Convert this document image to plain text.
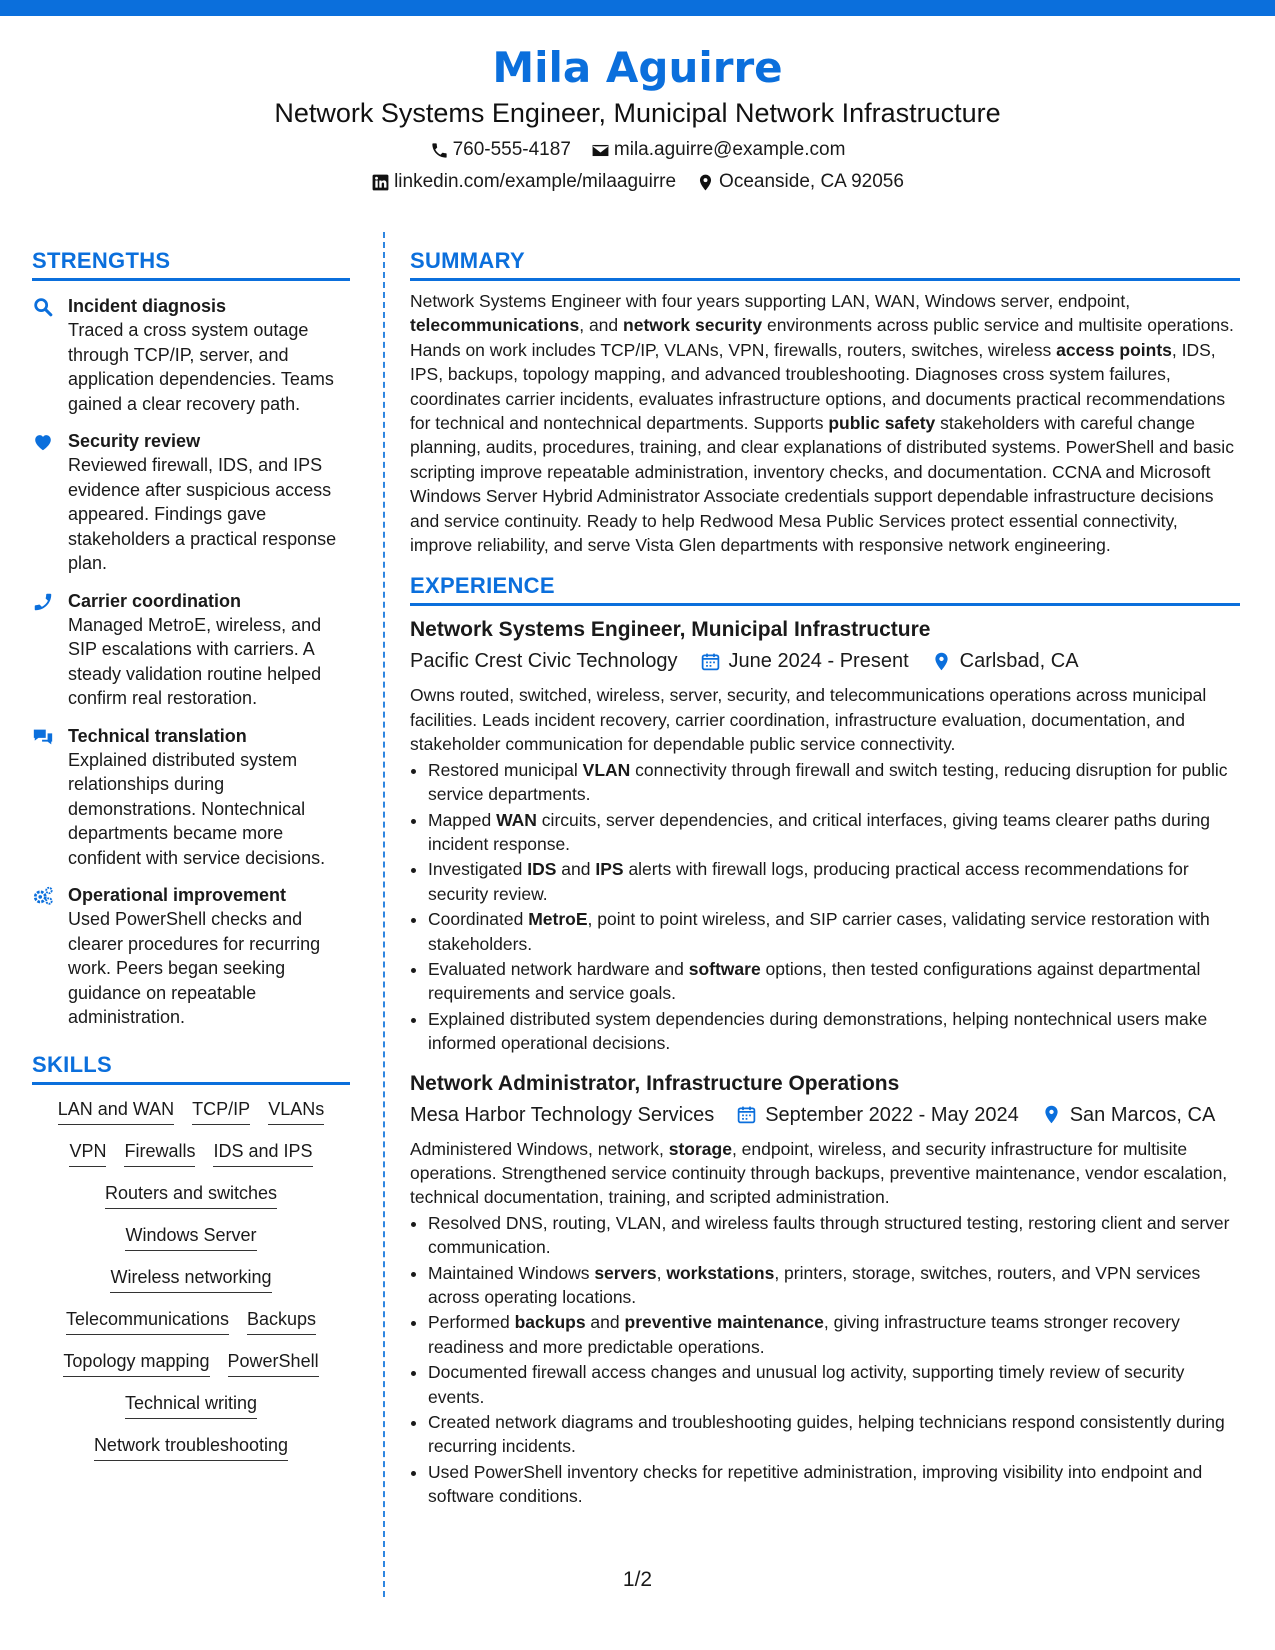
Mila Aguirre
Network Systems Engineer, Municipal Network Infrastructure
760-555-4187 mila.aguirre@example.com
linkedin.com/example/milaaguirre Oceanside, CA 92056
STRENGTHS
Incident diagnosis
Traced a cross system outage through TCP/IP, server, and application dependencies. Teams gained a clear recovery path.
Security review
Reviewed firewall, IDS, and IPS evidence after suspicious access appeared. Findings gave stakeholders a practical response plan.
Carrier coordination
Managed MetroE, wireless, and SIP escalations with carriers. A steady validation routine helped confirm real restoration.
Technical translation
Explained distributed system relationships during demonstrations. Nontechnical departments became more confident with service decisions.
Operational improvement
Used PowerShell checks and clearer procedures for recurring work. Peers began seeking guidance on repeatable administration.
SKILLS
LAN and WAN TCP/IP VLANs
VPN Firewalls IDS and IPS
Routers and switches
Windows Server
Wireless networking
Telecommunications Backups
Topology mapping PowerShell
Technical writing
Network troubleshooting
SUMMARY
Network Systems Engineer with four years supporting LAN, WAN, Windows server, endpoint, telecommunications, and network security environments across public service and multisite operations. Hands on work includes TCP/IP, VLANs, VPN, firewalls, routers, switches, wireless access points, IDS, IPS, backups, topology mapping, and advanced troubleshooting. Diagnoses cross system failures, coordinates carrier incidents, evaluates infrastructure options, and documents practical recommendations for technical and nontechnical departments. Supports public safety stakeholders with careful change planning, audits, procedures, training, and clear explanations of distributed systems. PowerShell and basic scripting improve repeatable administration, inventory checks, and documentation. CCNA and Microsoft Windows Server Hybrid Administrator Associate credentials support dependable infrastructure decisions and service continuity. Ready to help Redwood Mesa Public Services protect essential connectivity, improve reliability, and serve Vista Glen departments with responsive network engineering.
EXPERIENCE
Network Systems Engineer, Municipal Infrastructure
Pacific Crest Civic Technology	June 2024 - Present	Carlsbad, CA
Owns routed, switched, wireless, server, security, and telecommunications operations across municipal facilities. Leads incident recovery, carrier coordination, infrastructure evaluation, documentation, and stakeholder communication for dependable public service connectivity.
• Restored municipal VLAN connectivity through firewall and switch testing, reducing disruption for public service departments.
• Mapped WAN circuits, server dependencies, and critical interfaces, giving teams clearer paths during incident response.
• Investigated IDS and IPS alerts with firewall logs, producing practical access recommendations for security review.
• Coordinated MetroE, point to point wireless, and SIP carrier cases, validating service restoration with stakeholders.
• Evaluated network hardware and software options, then tested configurations against departmental requirements and service goals.
• Explained distributed system dependencies during demonstrations, helping nontechnical users make informed operational decisions.
Network Administrator, Infrastructure Operations
Mesa Harbor Technology Services	September 2022 - May 2024	San Marcos, CA
Administered Windows, network, storage, endpoint, wireless, and security infrastructure for multisite operations. Strengthened service continuity through backups, preventive maintenance, vendor escalation, technical documentation, training, and scripted administration.
• Resolved DNS, routing, VLAN, and wireless faults through structured testing, restoring client and server communication.
• Maintained Windows servers, workstations, printers, storage, switches, routers, and VPN services across operating locations.
• Performed backups and preventive maintenance, giving infrastructure teams stronger recovery readiness and more predictable operations.
• Documented firewall access changes and unusual log activity, supporting timely review of security events.
• Created network diagrams and troubleshooting guides, helping technicians respond consistently during recurring incidents.
• Used PowerShell inventory checks for repetitive administration, improving visibility into endpoint and software conditions.
1/2
